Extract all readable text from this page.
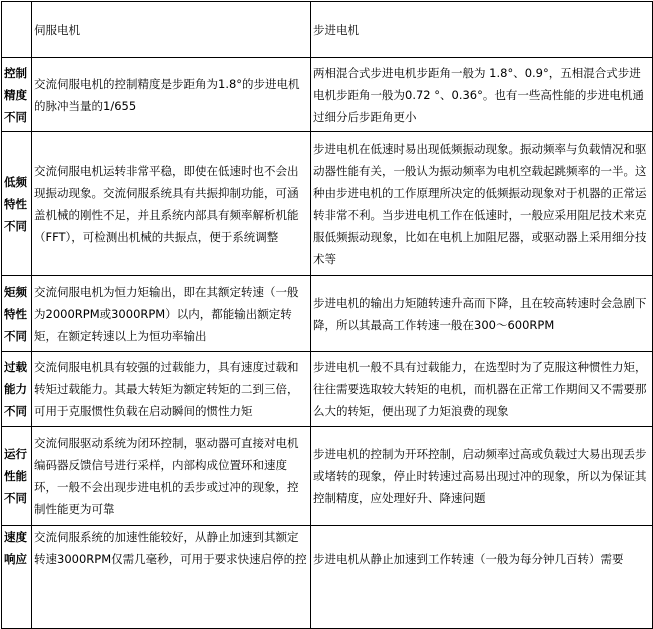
	伺服电机	步进电机
控制精度不同	交流伺服电机的控制精度是步距角为1.8°的步进电机的脉冲当量的1/655	两相混合式步进电机步距角一般为 1.8°、0.9°，五相混合式步进电机步距角一般为0.72 °、0.36°。也有一些高性能的步进电机通过细分后步距角更小
低频特性不同	交流伺服电机运转非常平稳，即使在低速时也不会出现振动现象。交流伺服系统具有共振抑制功能，可涵盖机械的刚性不足，并且系统内部具有频率解析机能（FFT），可检测出机械的共振点，便于系统调整	步进电机在低速时易出现低频振动现象。振动频率与负载情况和驱动器性能有关，一般认为振动频率为电机空载起跳频率的一半。这种由步进电机的工作原理所决定的低频振动现象对于机器的正常运转非常不利。当步进电机工作在低速时，一般应采用阻尼技术来克服低频振动现象，比如在电机上加阻尼器，或驱动器上采用细分技术等
矩频特性不同	交流伺服电机为恒力矩输出，即在其额定转速（一般为2000RPM或3000RPM）以内，都能输出额定转矩，在额定转速以上为恒功率输出	步进电机的输出力矩随转速升高而下降，且在较高转速时会急剧下降，所以其最高工作转速一般在300～600RPM
过载能力不同	交流伺服电机具有较强的过载能力，具有速度过载和转矩过载能力。其最大转矩为额定转矩的二到三倍，可用于克服惯性负载在启动瞬间的惯性力矩	步进电机一般不具有过载能力，在选型时为了克服这种惯性力矩，往往需要选取较大转矩的电机，而机器在正常工作期间又不需要那么大的转矩，便出现了力矩浪费的现象
运行性能不同	交流伺服驱动系统为闭环控制，驱动器可直接对电机编码器反馈信号进行采样，内部构成位置环和速度环，一般不会出现步进电机的丢步或过冲的现象，控制性能更为可靠	步进电机的控制为开环控制，启动频率过高或负载过大易出现丢步或堵转的现象，停止时转速过高易出现过冲的现象，所以为保证其控制精度，应处理好升、降速问题
速度响应	交流伺服系统的加速性能较好，从静止加速到其额定转速3000RPM仅需几毫秒，可用于要求快速启停的控	步进电机从静止加速到工作转速（一般为每分钟几百转）需要
